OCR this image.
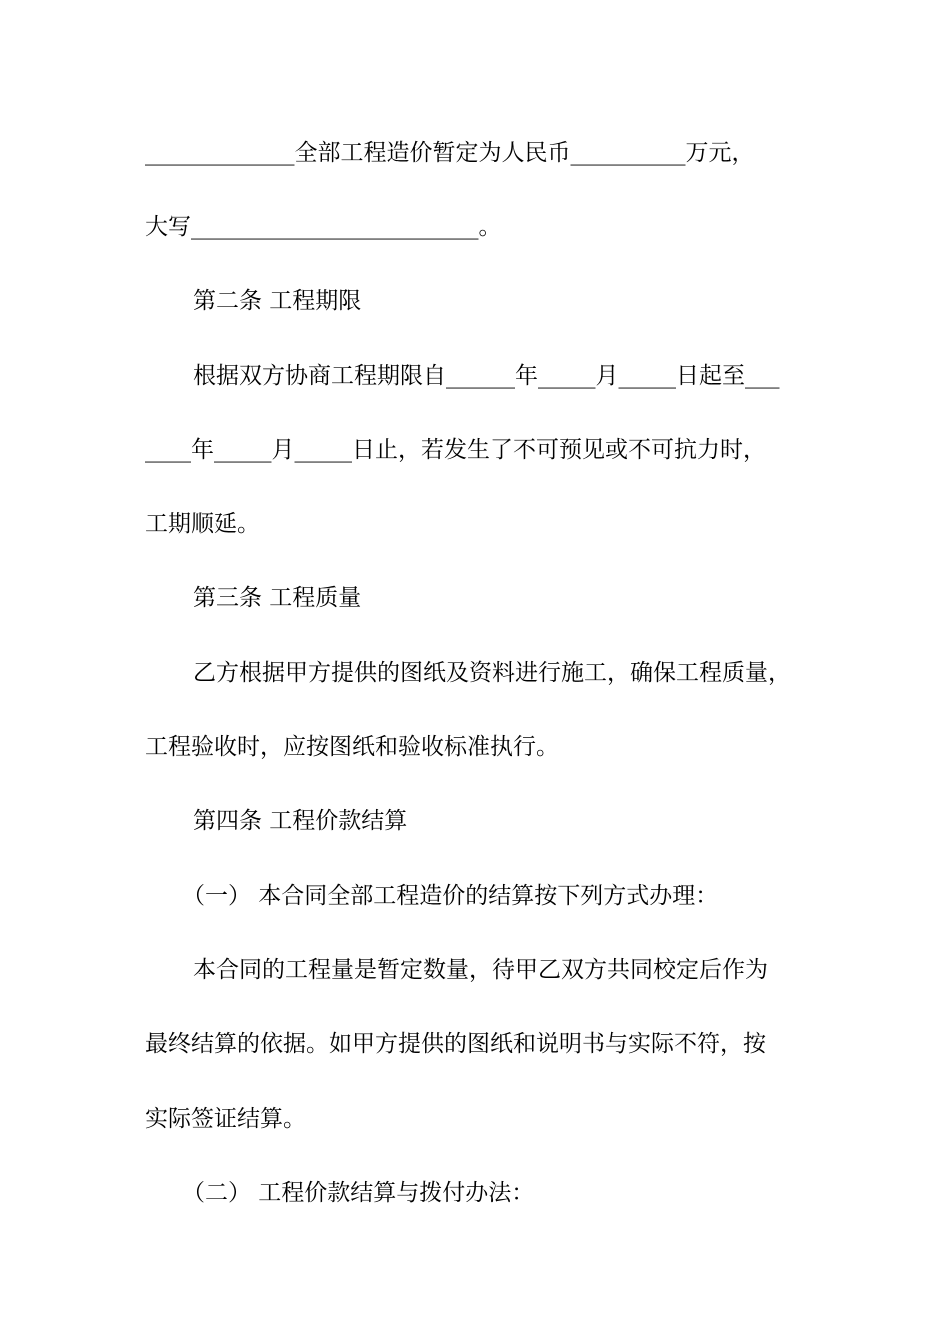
_____________全部工程造价暂定为人民币__________万元，
大写_________________________。
第二条 工程期限
根据双方协商工程期限自______年_____月_____日起至___
____年_____月_____日止，若发生了不可预见或不可抗力时，
工期顺延。
第三条 工程质量
乙方根据甲方提供的图纸及资料进行施工，确保工程质量，
工程验收时，应按图纸和验收标准执行。
第四条 工程价款结算
（一） 本合同全部工程造价的结算按下列方式办理：
本合同的工程量是暂定数量，待甲乙双方共同校定后作为
最终结算的依据。如甲方提供的图纸和说明书与实际不符，按
实际签证结算。
（二） 工程价款结算与拨付办法：
